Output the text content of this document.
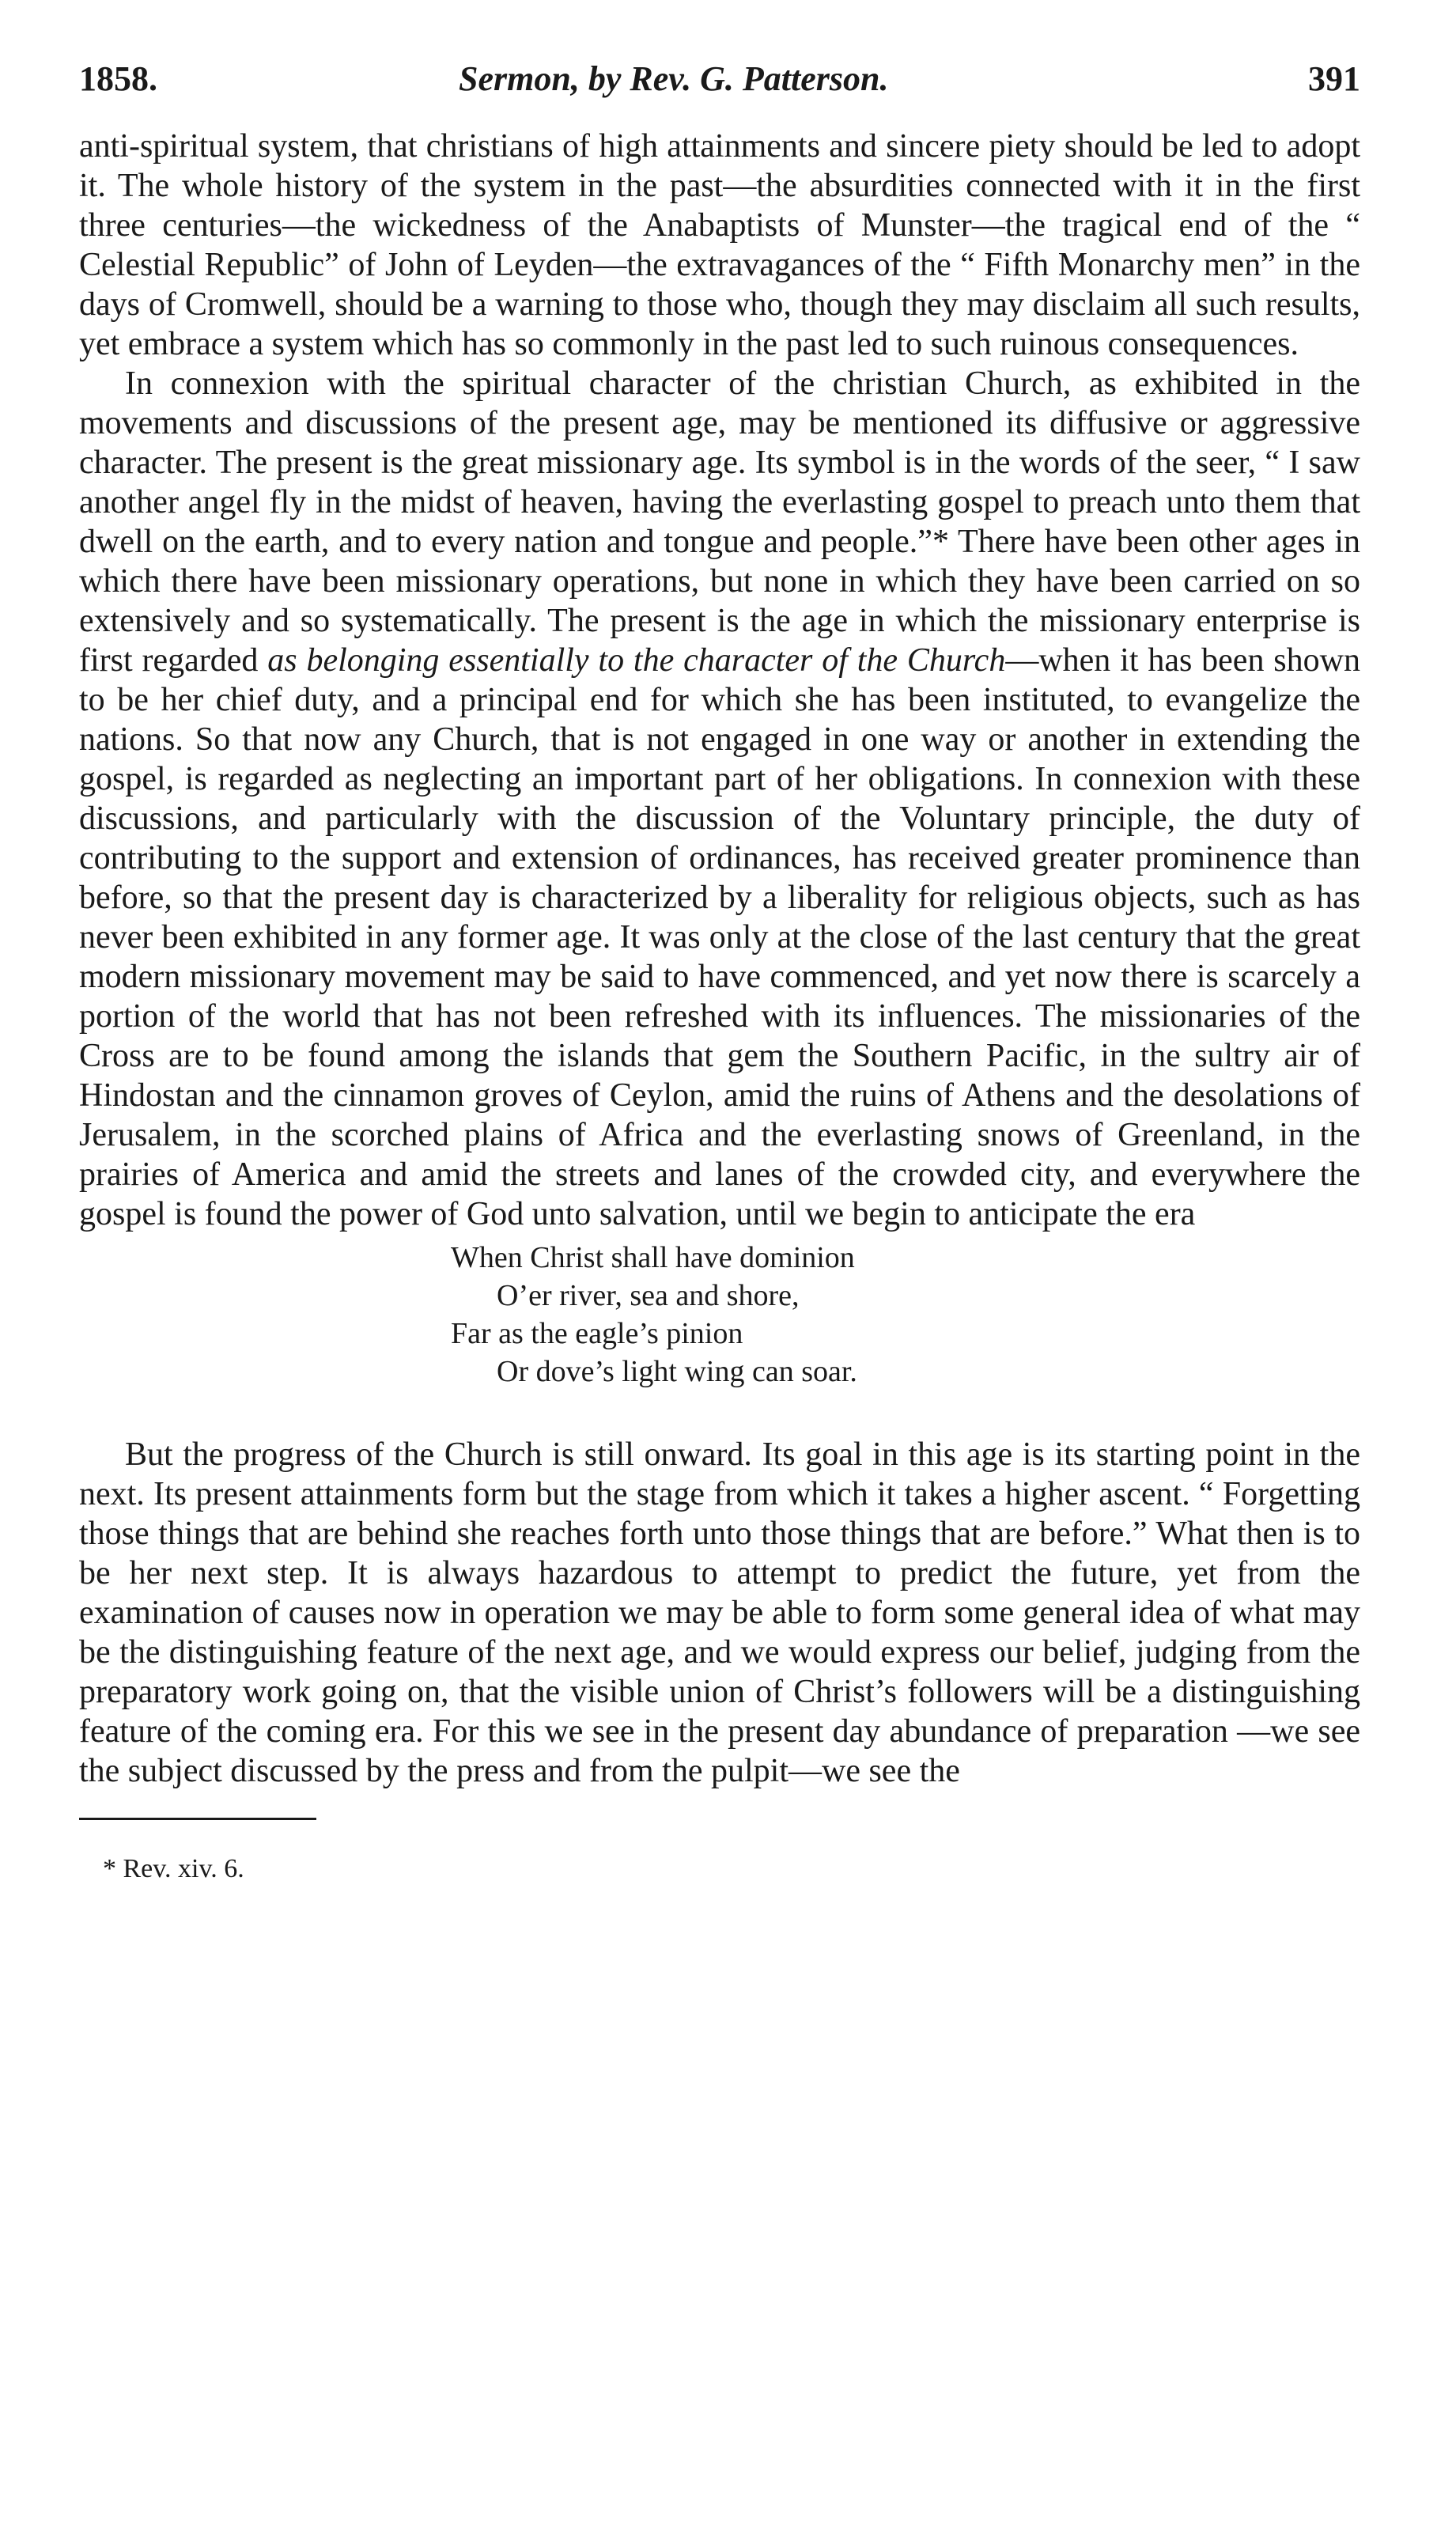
1858.	Sermon, by Rev. G. Patterson.	391

anti-spiritual system, that christians of high attainments and sincere piety should be led to adopt it. The whole history of the system in the past—the absurdities connected with it in the first three centuries—the wickedness of the Anabaptists of Munster—the tragical end of the “ Celestial Republic” of John of Leyden—the extravagances of the “ Fifth Monarchy men” in the days of Cromwell, should be a warning to those who, though they may disclaim all such results, yet embrace a system which has so commonly in the past led to such ruinous consequences.

In connexion with the spiritual character of the christian Church, as exhibited in the movements and discussions of the present age, may be mentioned its diffusive or aggressive character. The present is the great missionary age. Its symbol is in the words of the seer, “ I saw another angel fly in the midst of heaven, having the everlasting gospel to preach unto them that dwell on the earth, and to every nation and tongue and people.”* There have been other ages in which there have been missionary operations, but none in which they have been carried on so extensively and so systematically. The present is the age in which the missionary enterprise is first regarded as belonging essentially to the character of the Church—when it has been shown to be her chief duty, and a principal end for which she has been instituted, to evangelize the nations. So that now any Church, that is not engaged in one way or another in extending the gospel, is regarded as neglecting an important part of her obligations. In connexion with these discussions, and particularly with the discussion of the Voluntary principle, the duty of contributing to the support and extension of ordinances, has received greater prominence than before, so that the present day is characterized by a liberality for religious objects, such as has never been exhibited in any former age. It was only at the close of the last century that the great modern missionary movement may be said to have commenced, and yet now there is scarcely a portion of the world that has not been refreshed with its influences. The missionaries of the Cross are to be found among the islands that gem the Southern Pacific, in the sultry air of Hindostan and the cinnamon groves of Ceylon, amid the ruins of Athens and the desolations of Jerusalem, in the scorched plains of Africa and the everlasting snows of Greenland, in the prairies of America and amid the streets and lanes of the crowded city, and everywhere the gospel is found the power of God unto salvation, until we begin to anticipate the era

When Christ shall have dominion
O’er river, sea and shore,
Far as the eagle’s pinion
Or dove’s light wing can soar.

But the progress of the Church is still onward. Its goal in this age is its starting point in the next. Its present attainments form but the stage from which it takes a higher ascent. “ Forgetting those things that are behind she reaches forth unto those things that are before.” What then is to be her next step. It is always hazardous to attempt to predict the future, yet from the examination of causes now in operation we may be able to form some general idea of what may be the distinguishing feature of the next age, and we would express our belief, judging from the preparatory work going on, that the visible union of Christ’s followers will be a distinguishing feature of the coming era. For this we see in the present day abundance of preparation —we see the subject discussed by the press and from the pulpit—we see the

* Rev. xiv. 6.
